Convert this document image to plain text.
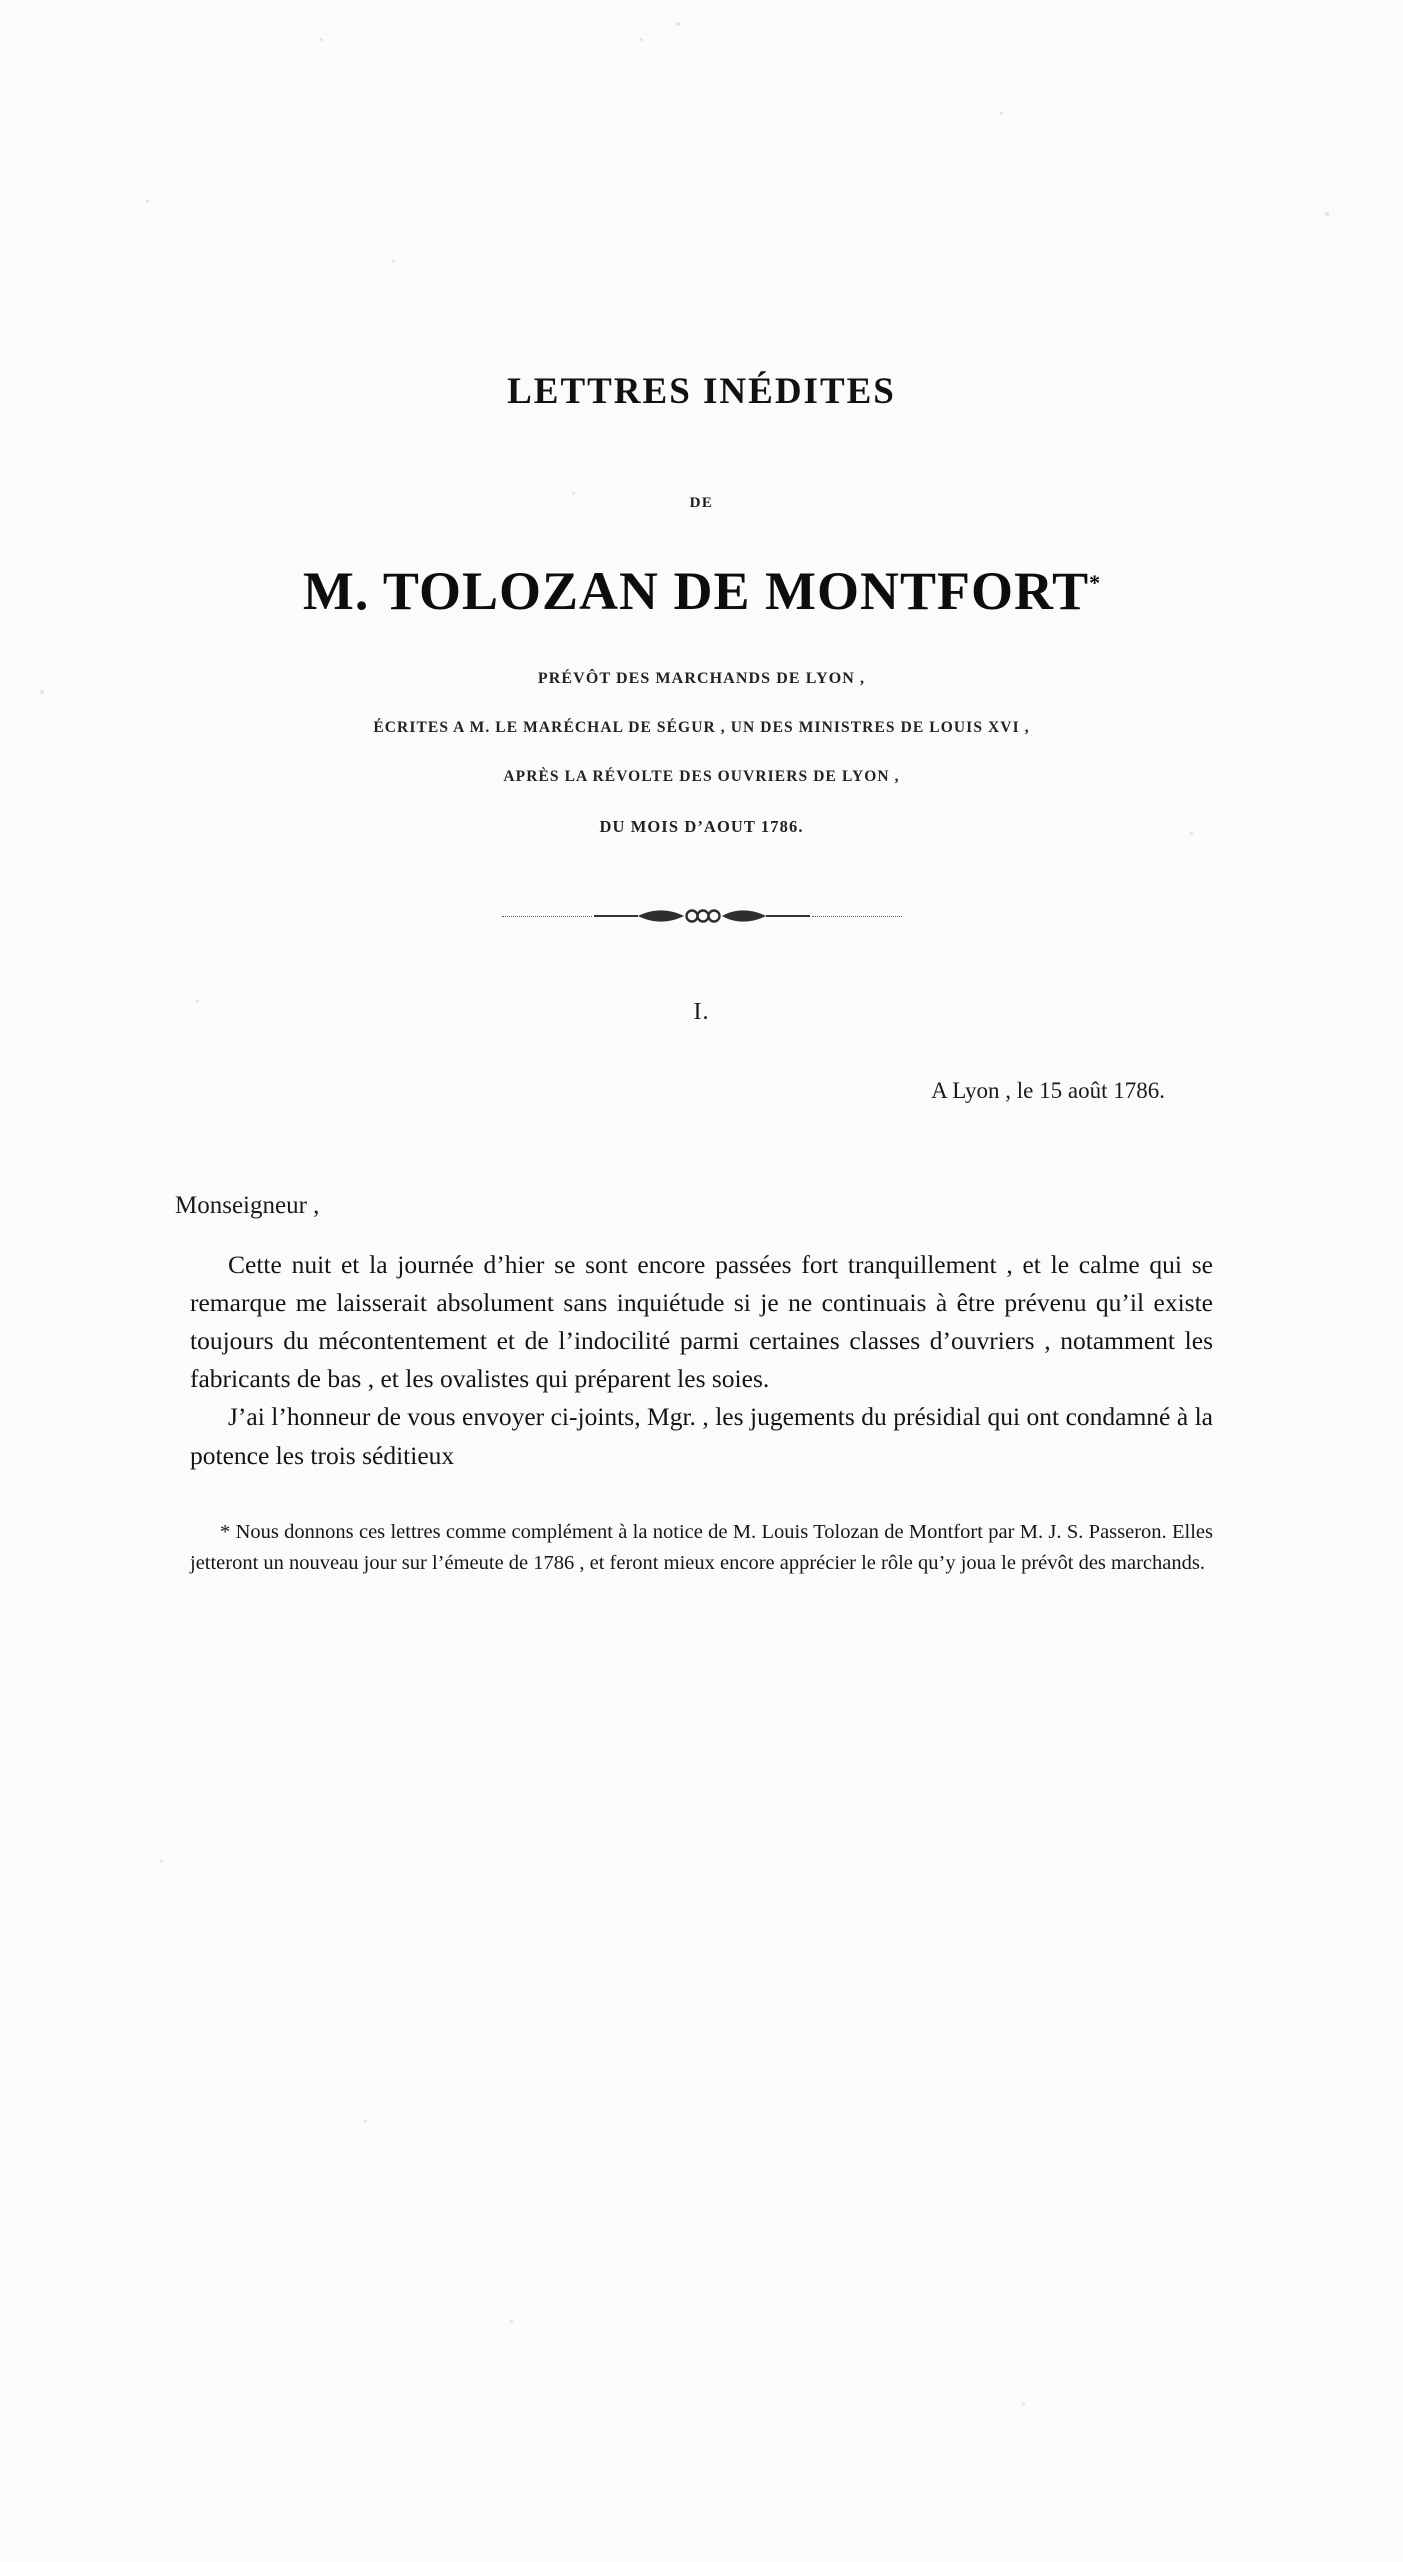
LETTRES INÉDITES
DE
M. TOLOZAN DE MONTFORT*
PRÉVÔT DES MARCHANDS DE LYON ,
ÉCRITES A M. LE MARÉCHAL DE SÉGUR , UN DES MINISTRES DE LOUIS XVI ,
APRÈS LA RÉVOLTE DES OUVRIERS DE LYON ,
DU MOIS D’AOUT 1786.
I.
A Lyon , le 15 août 1786.
Monseigneur ,

Cette nuit et la journée d’hier se sont encore passées fort tranquillement , et le calme qui se remarque me laisserait absolument sans inquiétude si je ne continuais à être prévenu qu’il existe toujours du mécontentement et de l’indocilité parmi certaines classes d’ouvriers , notamment les fabricants de bas , et les ovalistes qui préparent les soies.

J’ai l’honneur de vous envoyer ci-joints, Mgr. , les jugements du présidial qui ont condamné à la potence les trois séditieux

* Nous donnons ces lettres comme complément à la notice de M. Louis Tolozan de Montfort par M. J. S. Passeron. Elles jetteront un nouveau jour sur l’émeute de 1786 , et feront mieux encore apprécier le rôle qu’y joua le prévôt des marchands.
